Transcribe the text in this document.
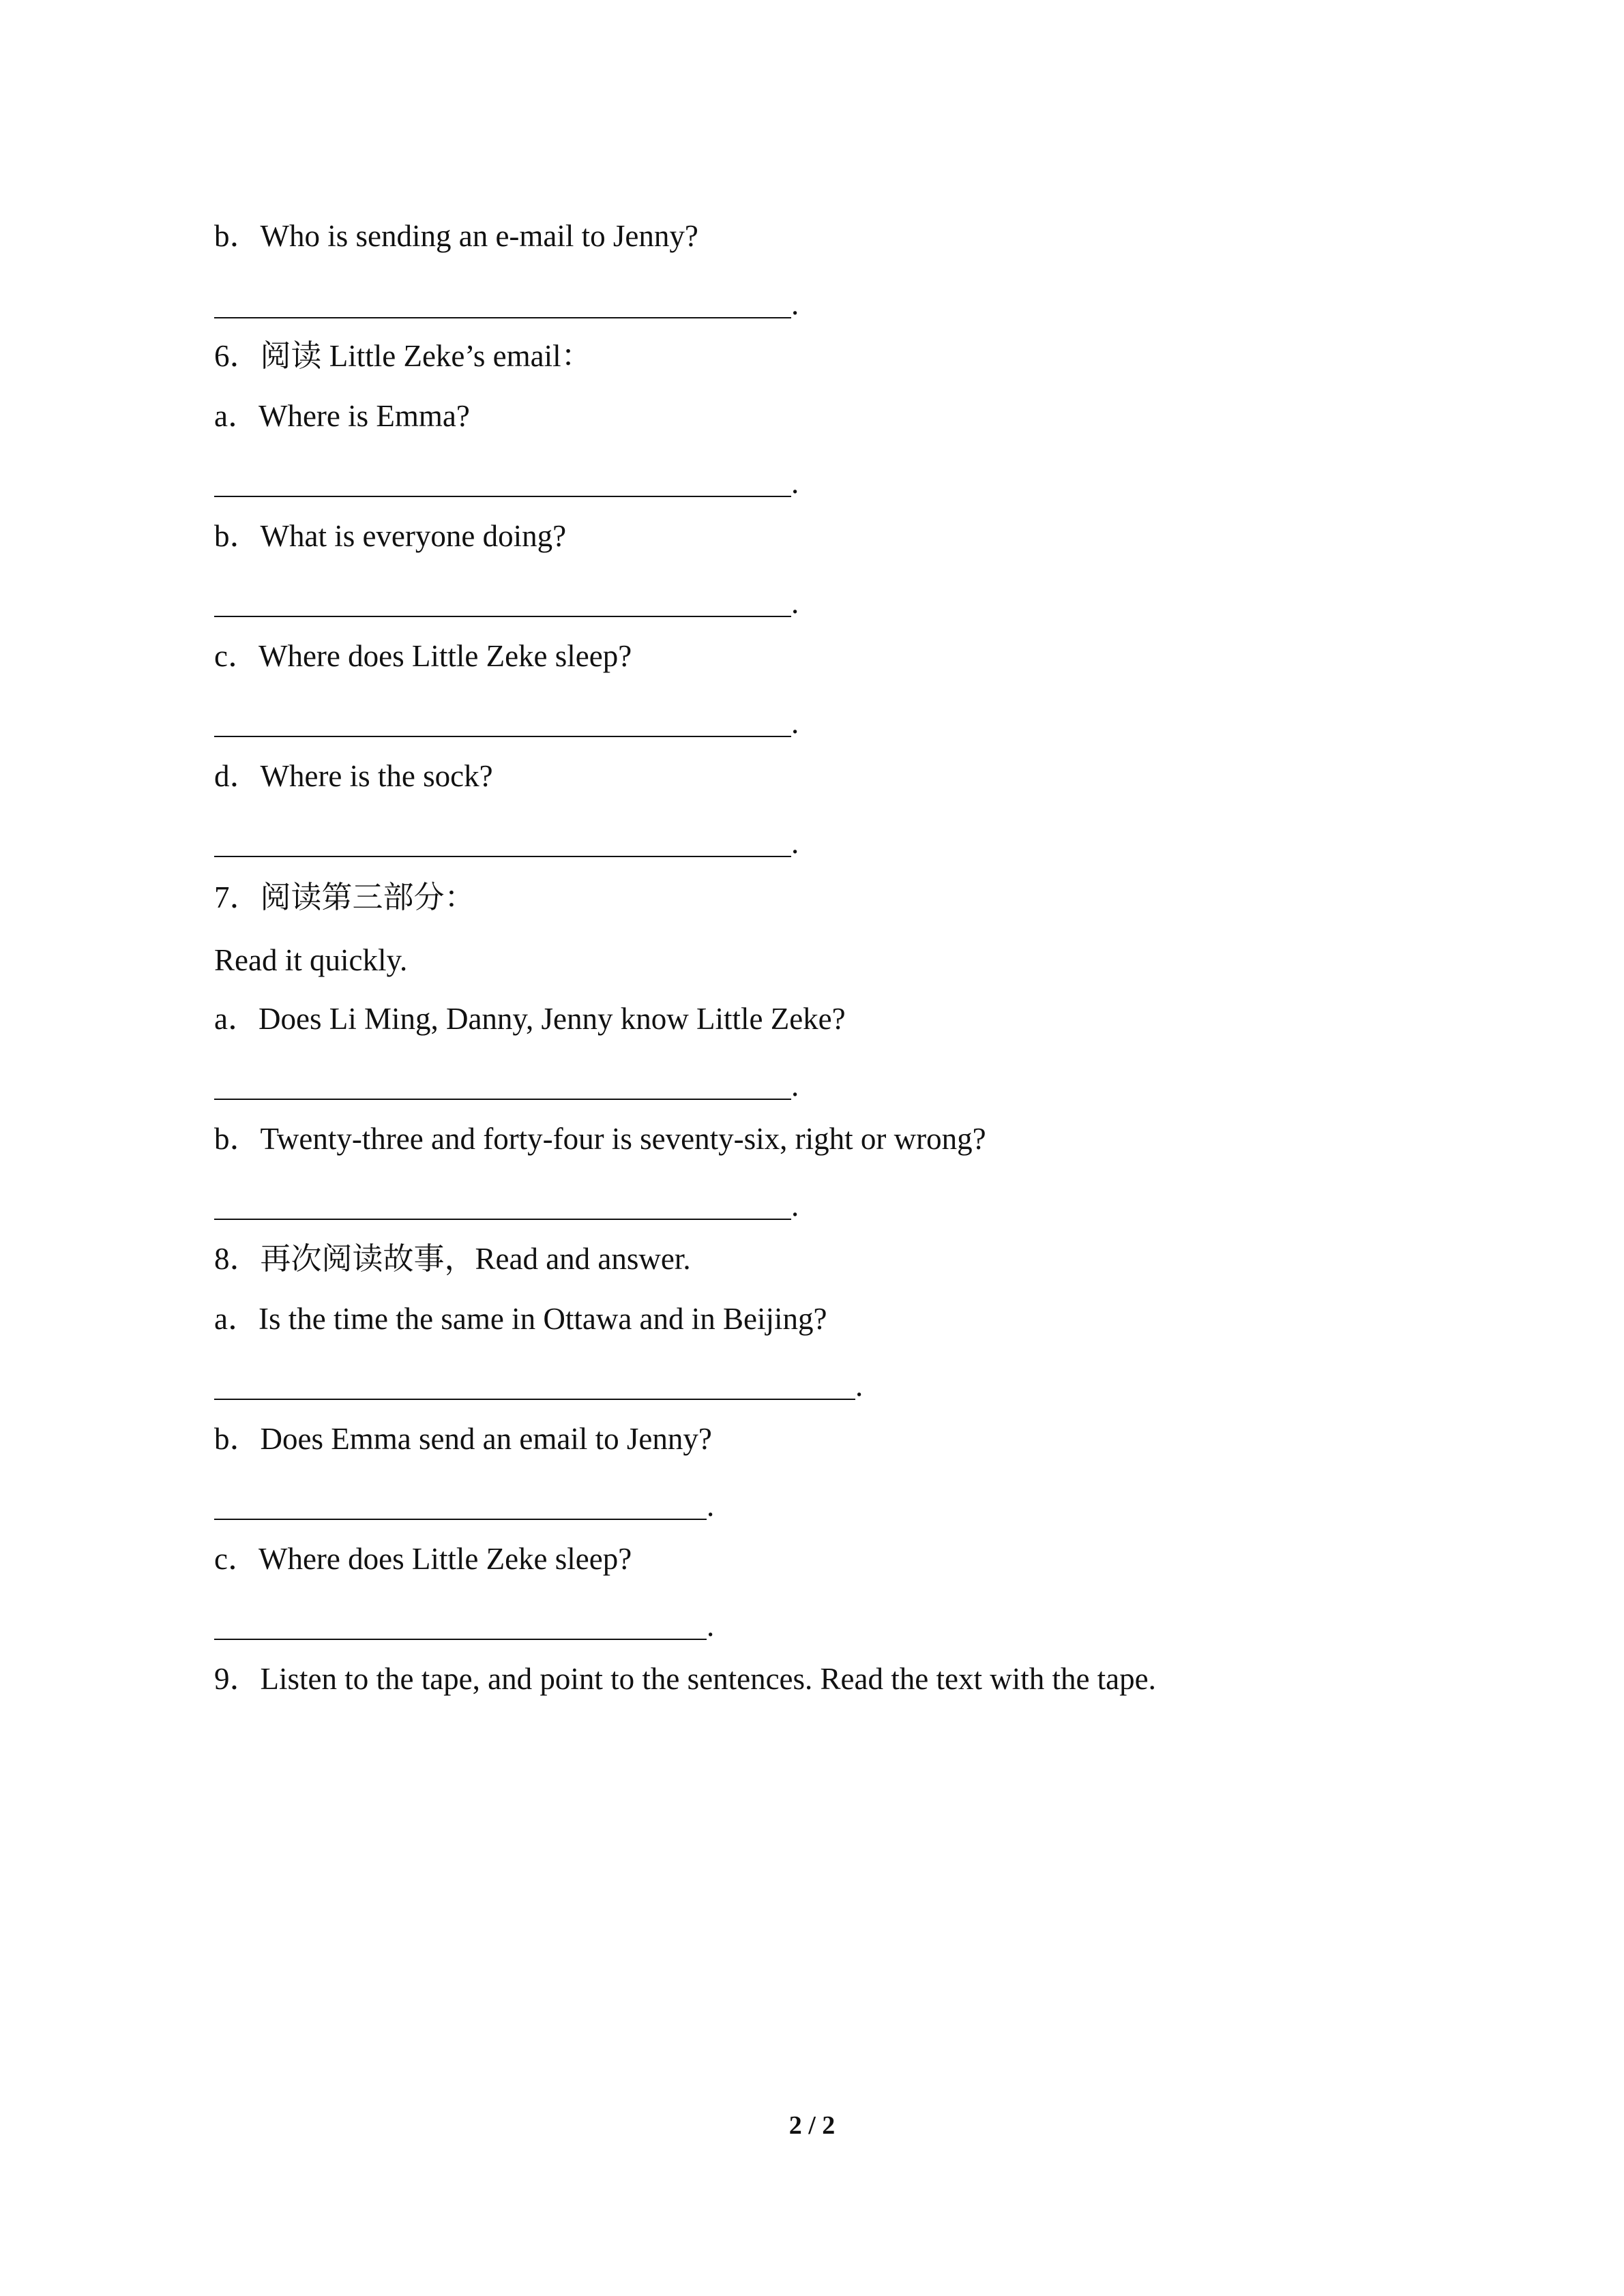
b．Who is sending an e-mail to Jenny?
.
6．阅读 Little Zeke’s email：
a．Where is Emma?
.
b．What is everyone doing?
.
c．Where does Little Zeke sleep?
.
d．Where is the sock?
.
7．阅读第三部分：
Read it quickly.
a．Does Li Ming, Danny, Jenny know Little Zeke?
.
b．Twenty-three and forty-four is seventy-six, right or wrong?
.
8．再次阅读故事，Read and answer.
a．Is the time the same in Ottawa and in Beijing?
.
b．Does Emma send an email to Jenny?
.
c．Where does Little Zeke sleep?
.
9．Listen to the tape, and point to the sentences. Read the text with the tape.
2 / 2
